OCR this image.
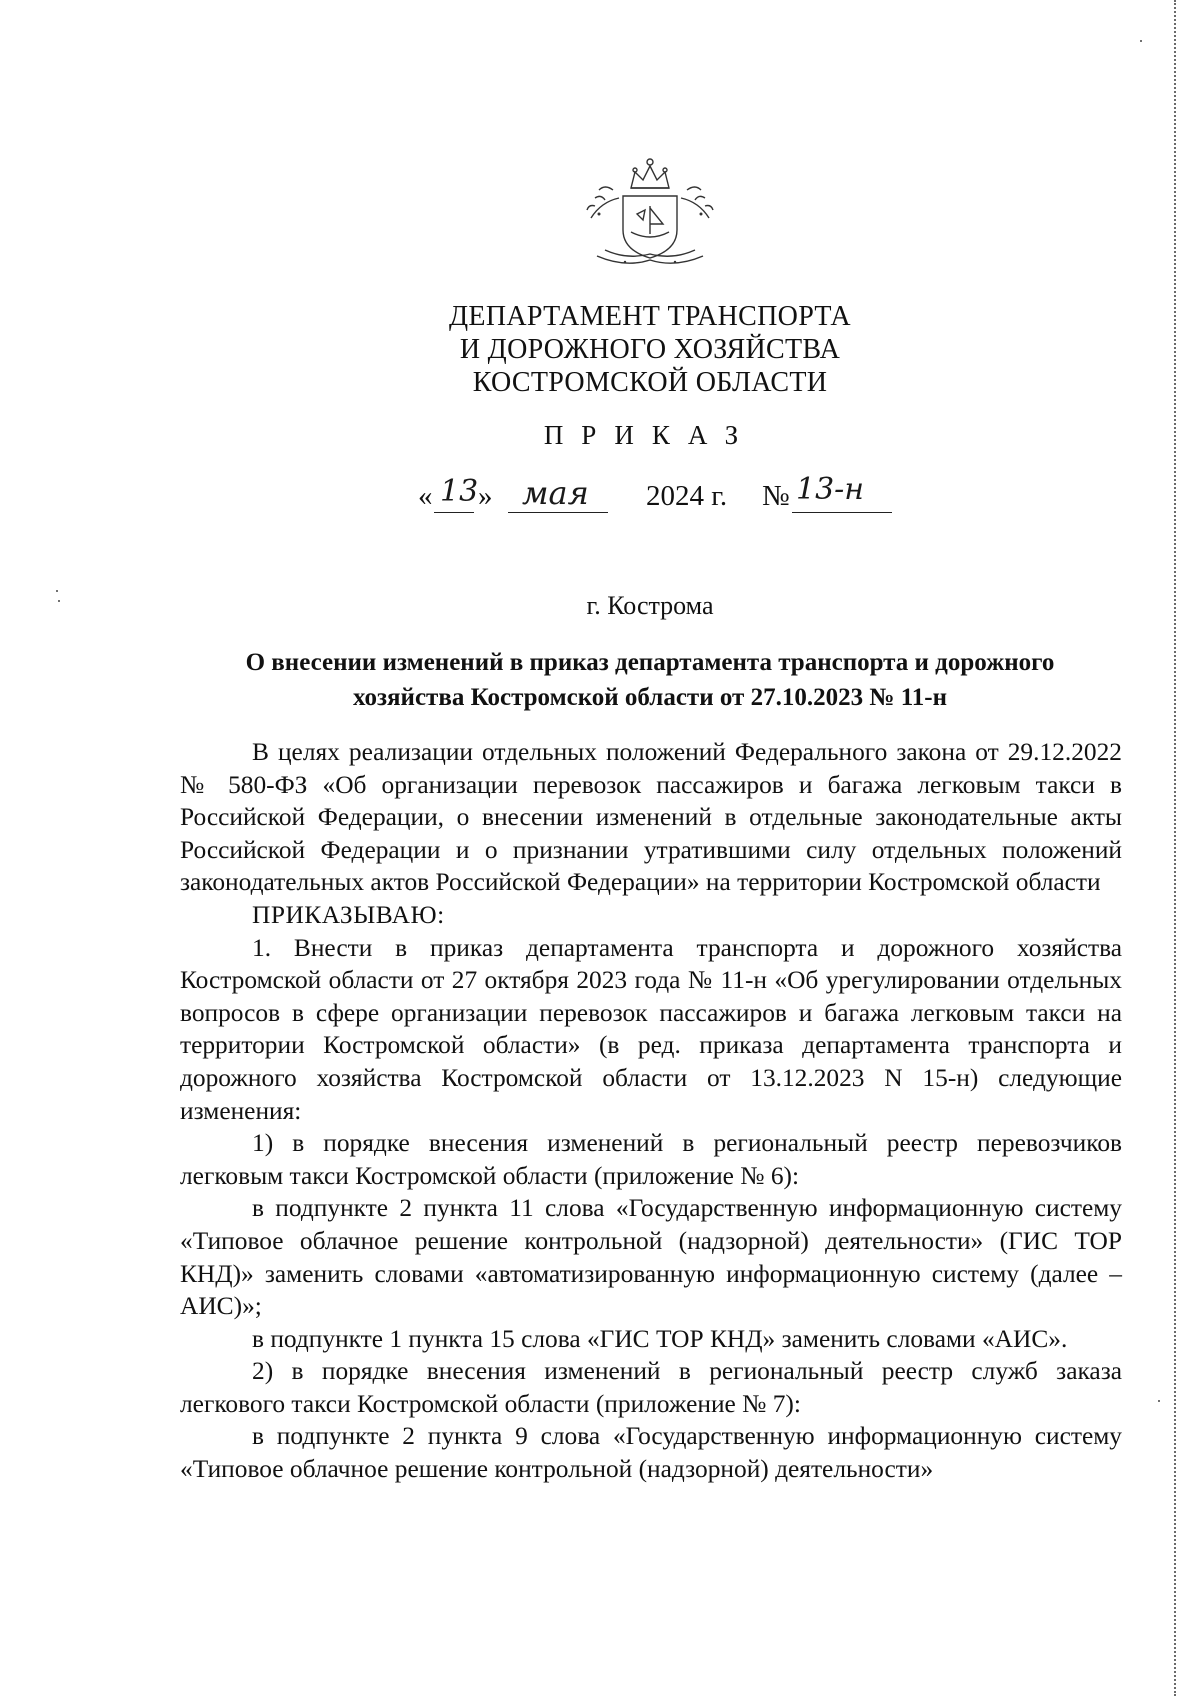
ДЕПАРТАМЕНТ ТРАНСПОРТА
И ДОРОЖНОГО ХОЗЯЙСТВА
КОСТРОМСКОЙ ОБЛАСТИ
ПРИКАЗ
« 13 » мая 2024 г. № 13-н
г. Кострома
О внесении изменений в приказ департамента транспорта и дорожного
хозяйства Костромской области от 27.10.2023 № 11-н

В целях реализации отдельных положений Федерального закона от 29.12.2022 № 580-ФЗ «Об организации перевозок пассажиров и багажа легковым такси в Российской Федерации, о внесении изменений в отдельные законодательные акты Российской Федерации и о признании утратившими силу отдельных положений законодательных актов Российской Федерации» на территории Костромской области

ПРИКАЗЫВАЮ:

1. Внести в приказ департамента транспорта и дорожного хозяйства Костромской области от 27 октября 2023 года № 11-н «Об урегулировании отдельных вопросов в сфере организации перевозок пассажиров и багажа легковым такси на территории Костромской области» (в ред. приказа департамента транспорта и дорожного хозяйства Костромской области от 13.12.2023 N 15-н) следующие изменения:

1) в порядке внесения изменений в региональный реестр перевозчиков легковым такси Костромской области (приложение № 6):

в подпункте 2 пункта 11 слова «Государственную информационную систему «Типовое облачное решение контрольной (надзорной) деятельности» (ГИС ТОР КНД)» заменить словами «автоматизированную информационную систему (далее – АИС)»;

в подпункте 1 пункта 15 слова «ГИС ТОР КНД» заменить словами «АИС».

2) в порядке внесения изменений в региональный реестр служб заказа легкового такси Костромской области (приложение № 7):

в подпункте 2 пункта 9 слова «Государственную информационную систему «Типовое облачное решение контрольной (надзорной) деятельности»
